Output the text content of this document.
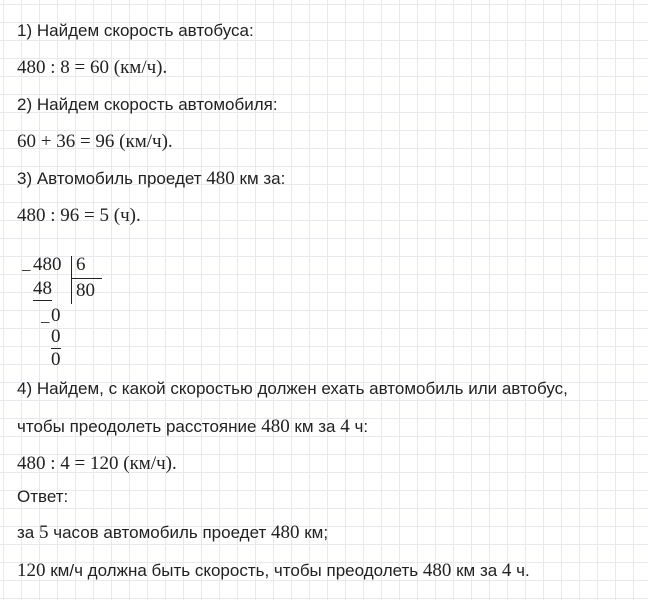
1) Найдем скорость автобуса:
480 : 8 = 60 (км/ч).
2) Найдем скорость автомобиля:
60 + 36 = 96 (км/ч).
3) Автомобиль проедет 480 км за:
480 : 96 = 5 (ч).
_ 480 6
48 80
_ 0
0
0
4) Найдем, с какой скоростью должен ехать автомобиль или автобус,
чтобы преодолеть расстояние 480 км за 4 ч:
480 : 4 = 120 (км/ч).
Ответ:
за 5 часов автомобиль проедет 480 км;
120 км/ч должна быть скорость, чтобы преодолеть 480 км за 4 ч.
